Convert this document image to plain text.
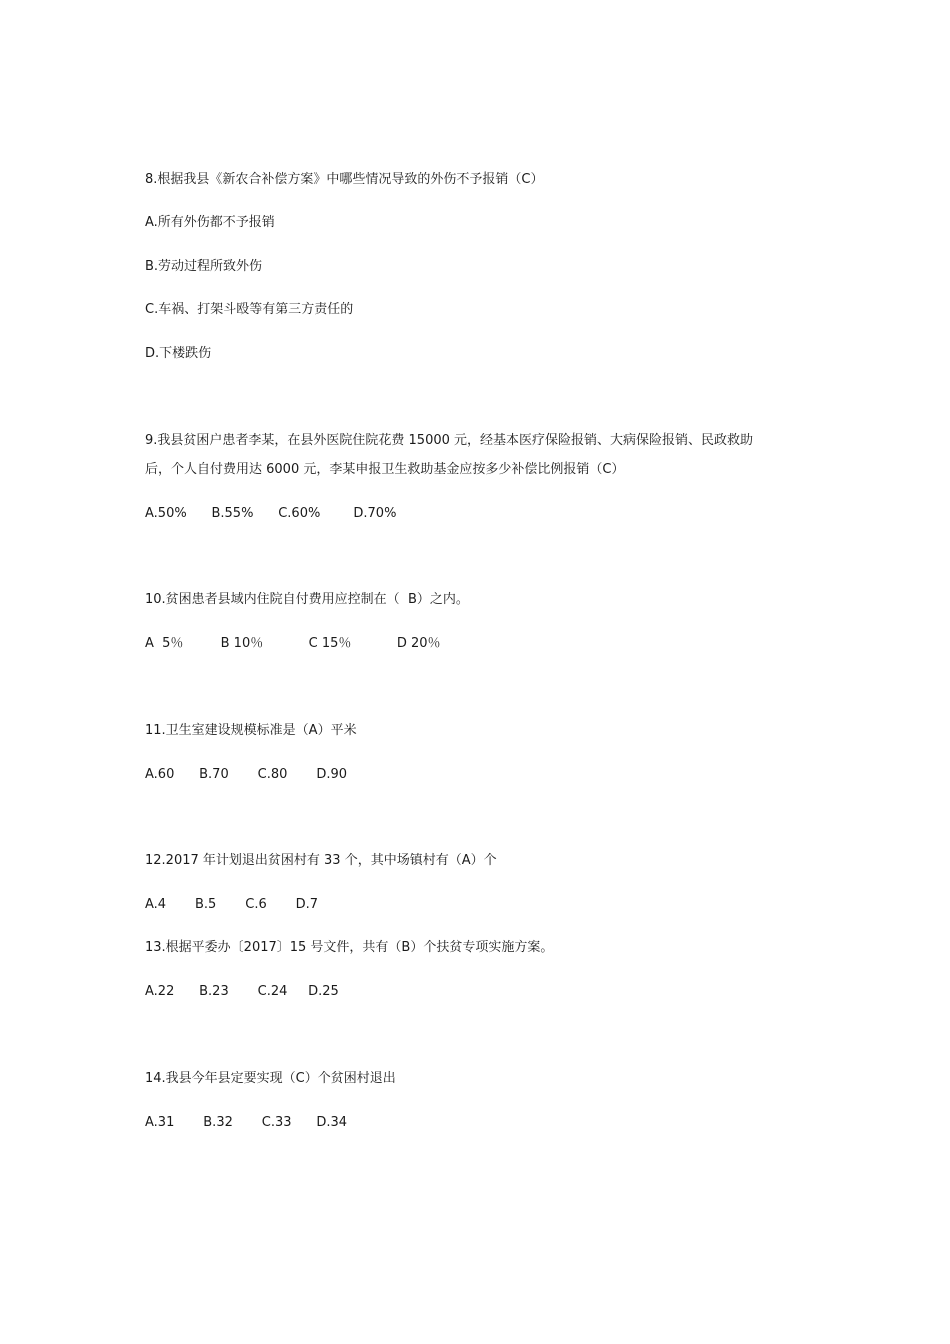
8.根据我县《新农合补偿方案》中哪些情况导致的外伤不予报销（C）

A.所有外伤都不予报销

B.劳动过程所致外伤

C.车祸、打架斗殴等有第三方责任的

D.下楼跌伤

9.我县贫困户患者李某，在县外医院住院花费 15000 元，经基本医疗保险报销、大病保险报销、民政救助

后，个人自付费用达 6000 元，李某申报卫生救助基金应按多少补偿比例报销（C）

A.50%      B.55%      C.60%        D.70%

10.贫困患者县域内住院自付费用应控制在（  B）之内。

A  5％         B 10％           C 15％           D 20％

11.卫生室建设规模标准是（A）平米

A.60      B.70       C.80       D.90

12.2017 年计划退出贫困村有 33 个，其中场镇村有（A）个

A.4       B.5       C.6       D.7

13.根据平委办〔2017〕15 号文件，共有（B）个扶贫专项实施方案。

A.22      B.23       C.24     D.25

14.我县今年县定要实现（C）个贫困村退出

A.31       B.32       C.33      D.34
